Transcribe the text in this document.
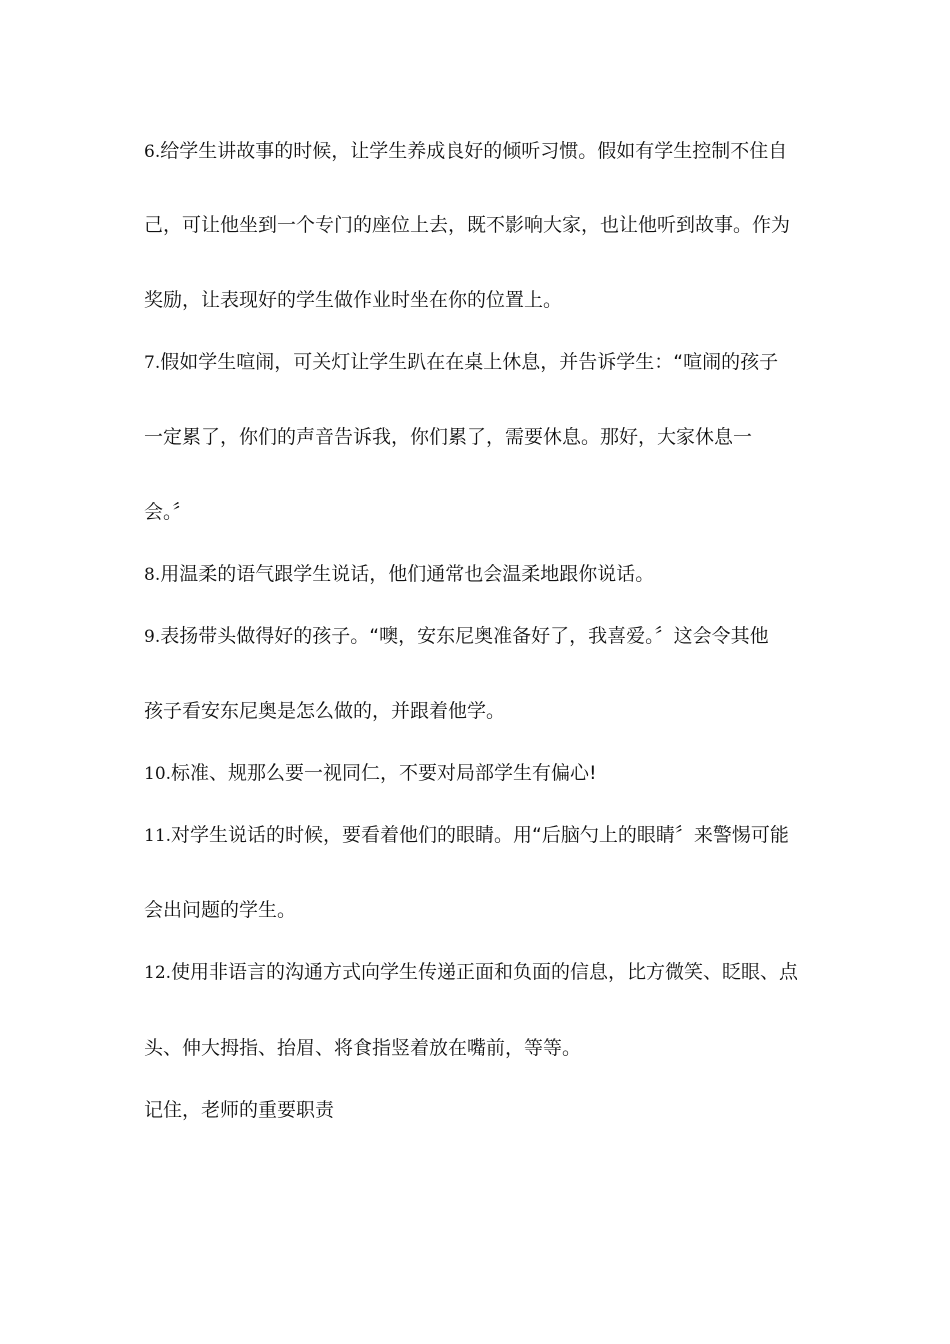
6.给学生讲故事的时候，让学生养成良好的倾听习惯。假如有学生控制不住自
己，可让他坐到一个专门的座位上去，既不影响大家，也让他听到故事。作为
奖励，让表现好的学生做作业时坐在你的位置上。
7.假如学生喧闹，可关灯让学生趴在在桌上休息，并告诉学生：“喧闹的孩子
一定累了，你们的声音告诉我，你们累了，需要休息。那好，大家休息一
会。〞
8.用温柔的语气跟学生说话，他们通常也会温柔地跟你说话。
9.表扬带头做得好的孩子。“噢，安东尼奥准备好了，我喜爱。〞这会令其他
孩子看安东尼奥是怎么做的，并跟着他学。
10.标准、规那么要一视同仁，不要对局部学生有偏心!
11.对学生说话的时候，要看着他们的眼睛。用“后脑勺上的眼睛〞来警惕可能
会出问题的学生。
12.使用非语言的沟通方式向学生传递正面和负面的信息，比方微笑、眨眼、点
头、伸大拇指、抬眉、将食指竖着放在嘴前，等等。
记住，老师的重要职责
